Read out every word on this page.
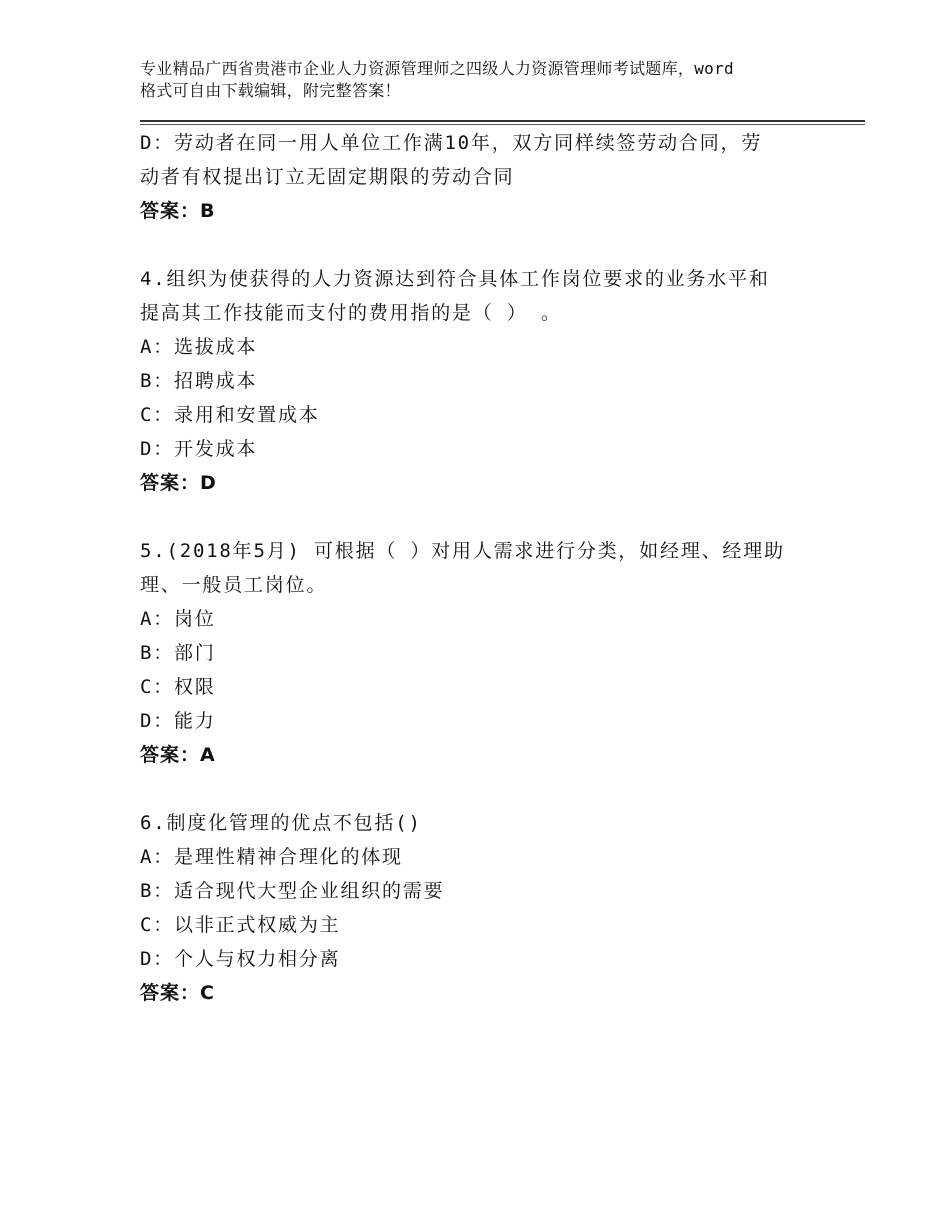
专业精品广西省贵港市企业人力资源管理师之四级人力资源管理师考试题库，word
格式可自由下载编辑，附完整答案！
D：劳动者在同一用人单位工作满10年，双方同样续签劳动合同，劳
动者有权提出订立无固定期限的劳动合同
答案：B
4.组织为使获得的人力资源达到符合具体工作岗位要求的业务水平和
提高其工作技能而支付的费用指的是（ ） 。
A：选拔成本
B：招聘成本
C：录用和安置成本
D：开发成本
答案：D
5.(2018年5月) 可根据（ ）对用人需求进行分类，如经理、经理助
理、一般员工岗位。
A：岗位
B：部门
C：权限
D：能力
答案：A
6.制度化管理的优点不包括()
A：是理性精神合理化的体现
B：适合现代大型企业组织的需要
C：以非正式权威为主
D：个人与权力相分离
答案：C
